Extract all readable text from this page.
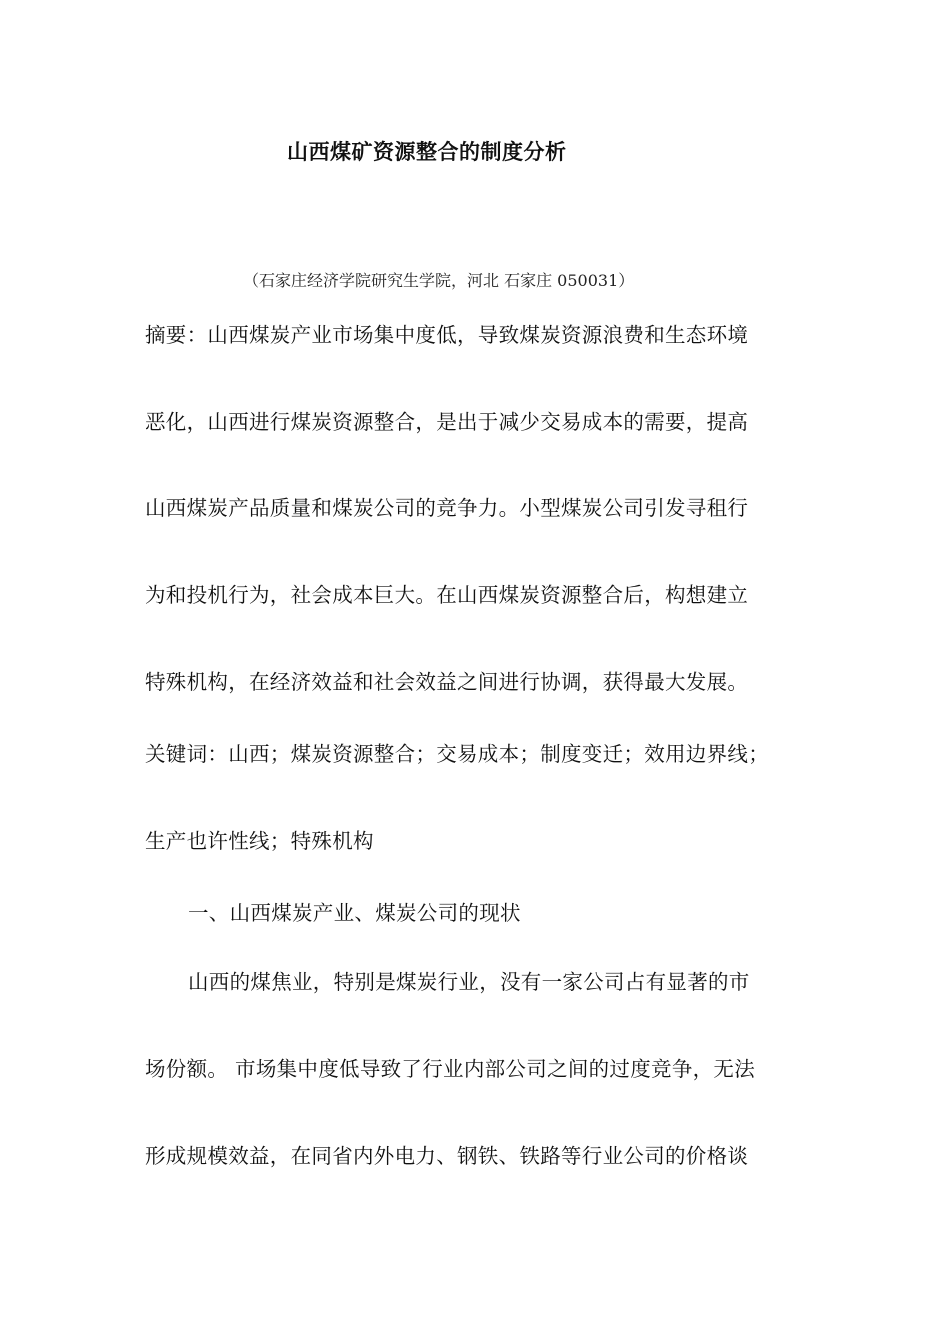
山西煤矿资源整合的制度分析
（石家庄经济学院研究生学院，河北 石家庄 050031）
摘要：山西煤炭产业市场集中度低，导致煤炭资源浪费和生态环境
恶化，山西进行煤炭资源整合，是出于减少交易成本的需要，提高
山西煤炭产品质量和煤炭公司的竞争力。小型煤炭公司引发寻租行
为和投机行为，社会成本巨大。在山西煤炭资源整合后，构想建立
特殊机构，在经济效益和社会效益之间进行协调，获得最大发展。
关键词：山西；煤炭资源整合；交易成本；制度变迁；效用边界线；
生产也许性线；特殊机构
一、山西煤炭产业、煤炭公司的现状
山西的煤焦业，特别是煤炭行业，没有一家公司占有显著的市
场份额。 市场集中度低导致了行业内部公司之间的过度竞争，无法
形成规模效益，在同省内外电力、钢铁、铁路等行业公司的价格谈
